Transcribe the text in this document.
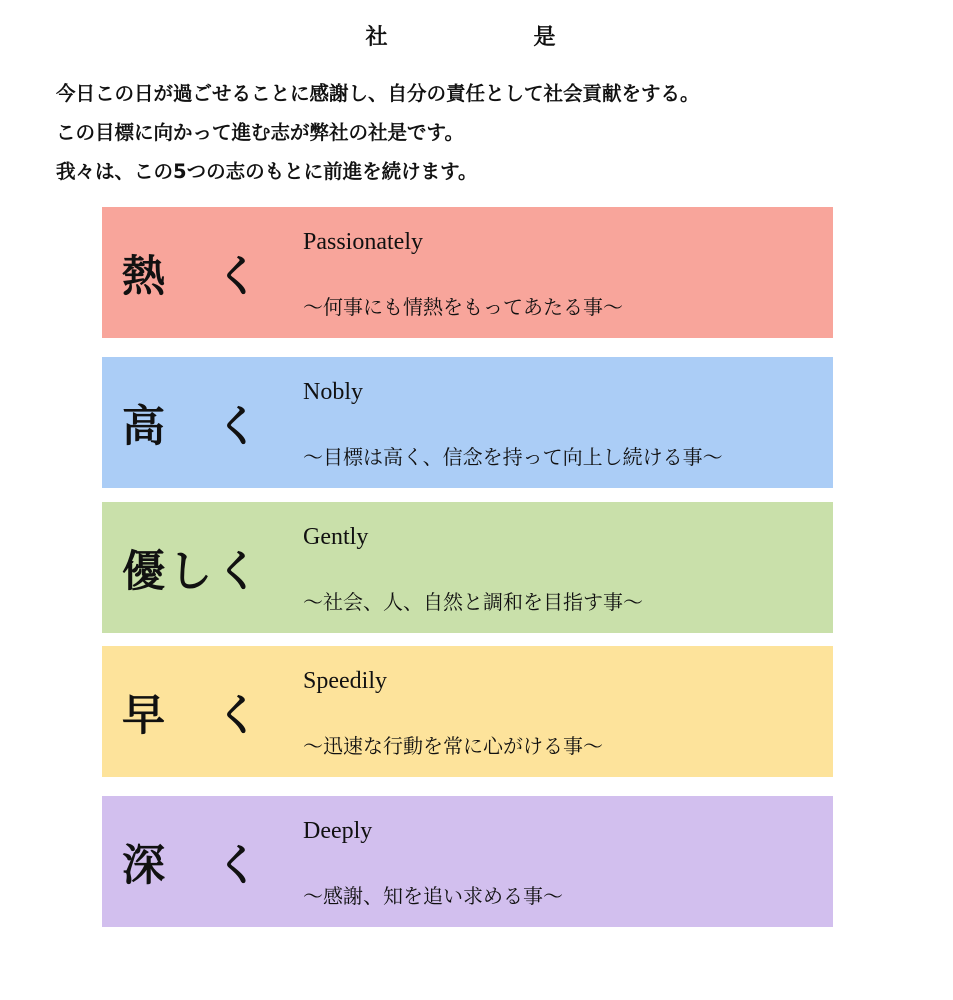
社　是
今日この日が過ごせることに感謝し、自分の責任として社会貢献をする。
この目標に向かって進む志が弊社の社是です。
我々は、この5つの志のもとに前進を続けます。
熱　く
Passionately
～何事にも情熱をもってあたる事～
高　く
Nobly
～目標は高く、信念を持って向上し続ける事～
優しく
Gently
～社会、人、自然と調和を目指す事～
早　く
Speedily
～迅速な行動を常に心がける事～
深　く
Deeply
～感謝、知を追い求める事～
